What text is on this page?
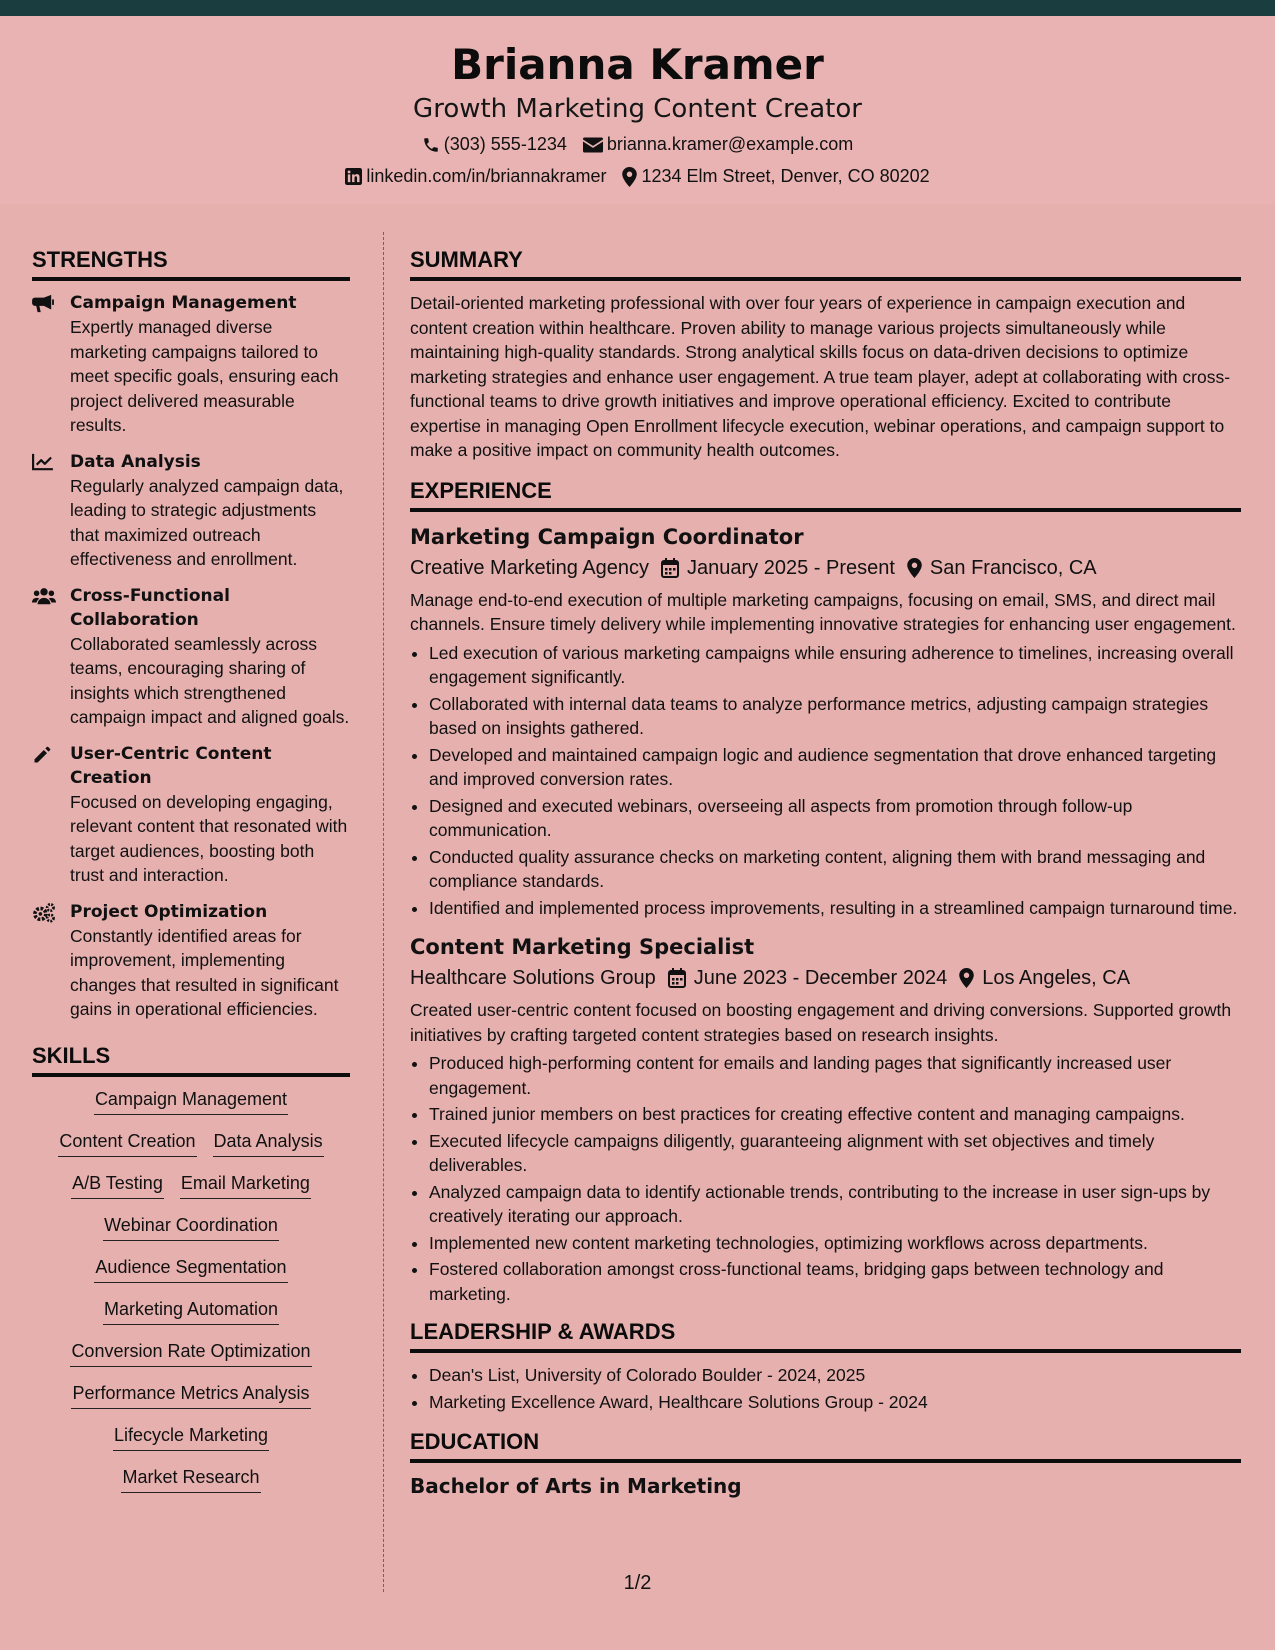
Brianna Kramer
Growth Marketing Content Creator
(303) 555-1234 brianna.kramer@example.com
linkedin.com/in/briannakramer 1234 Elm Street, Denver, CO 80202
STRENGTHS
Campaign Management
Expertly managed diverse marketing campaigns tailored to meet specific goals, ensuring each project delivered measurable results.
Data Analysis
Regularly analyzed campaign data, leading to strategic adjustments that maximized outreach effectiveness and enrollment.
Cross-Functional Collaboration
Collaborated seamlessly across teams, encouraging sharing of insights which strengthened campaign impact and aligned goals.
User-Centric Content Creation
Focused on developing engaging, relevant content that resonated with target audiences, boosting both trust and interaction.
Project Optimization
Constantly identified areas for improvement, implementing changes that resulted in significant gains in operational efficiencies.
SKILLS
Campaign Management
Content Creation Data Analysis
A/B Testing Email Marketing
Webinar Coordination
Audience Segmentation
Marketing Automation
Conversion Rate Optimization
Performance Metrics Analysis
Lifecycle Marketing
Market Research
SUMMARY

Detail-oriented marketing professional with over four years of experience in campaign execution and content creation within healthcare. Proven ability to manage various projects simultaneously while maintaining high-quality standards. Strong analytical skills focus on data-driven decisions to optimize marketing strategies and enhance user engagement. A true team player, adept at collaborating with cross-functional teams to drive growth initiatives and improve operational efficiency. Excited to contribute expertise in managing Open Enrollment lifecycle execution, webinar operations, and campaign support to make a positive impact on community health outcomes.

EXPERIENCE
Marketing Campaign Coordinator
Creative Marketing Agency January 2025 - Present San Francisco, CA

Manage end-to-end execution of multiple marketing campaigns, focusing on email, SMS, and direct mail channels. Ensure timely delivery while implementing innovative strategies for enhancing user engagement.

• Led execution of various marketing campaigns while ensuring adherence to timelines, increasing overall engagement significantly.
• Collaborated with internal data teams to analyze performance metrics, adjusting campaign strategies based on insights gathered.
• Developed and maintained campaign logic and audience segmentation that drove enhanced targeting and improved conversion rates.
• Designed and executed webinars, overseeing all aspects from promotion through follow-up communication.
• Conducted quality assurance checks on marketing content, aligning them with brand messaging and compliance standards.
• Identified and implemented process improvements, resulting in a streamlined campaign turnaround time.
Content Marketing Specialist
Healthcare Solutions Group June 2023 - December 2024 Los Angeles, CA

Created user-centric content focused on boosting engagement and driving conversions. Supported growth initiatives by crafting targeted content strategies based on research insights.

• Produced high-performing content for emails and landing pages that significantly increased user engagement.
• Trained junior members on best practices for creating effective content and managing campaigns.
• Executed lifecycle campaigns diligently, guaranteeing alignment with set objectives and timely deliverables.
• Analyzed campaign data to identify actionable trends, contributing to the increase in user sign-ups by creatively iterating our approach.
• Implemented new content marketing technologies, optimizing workflows across departments.
• Fostered collaboration amongst cross-functional teams, bridging gaps between technology and marketing.
LEADERSHIP & AWARDS
• Dean's List, University of Colorado Boulder - 2024, 2025
• Marketing Excellence Award, Healthcare Solutions Group - 2024
EDUCATION
Bachelor of Arts in Marketing
1/2
